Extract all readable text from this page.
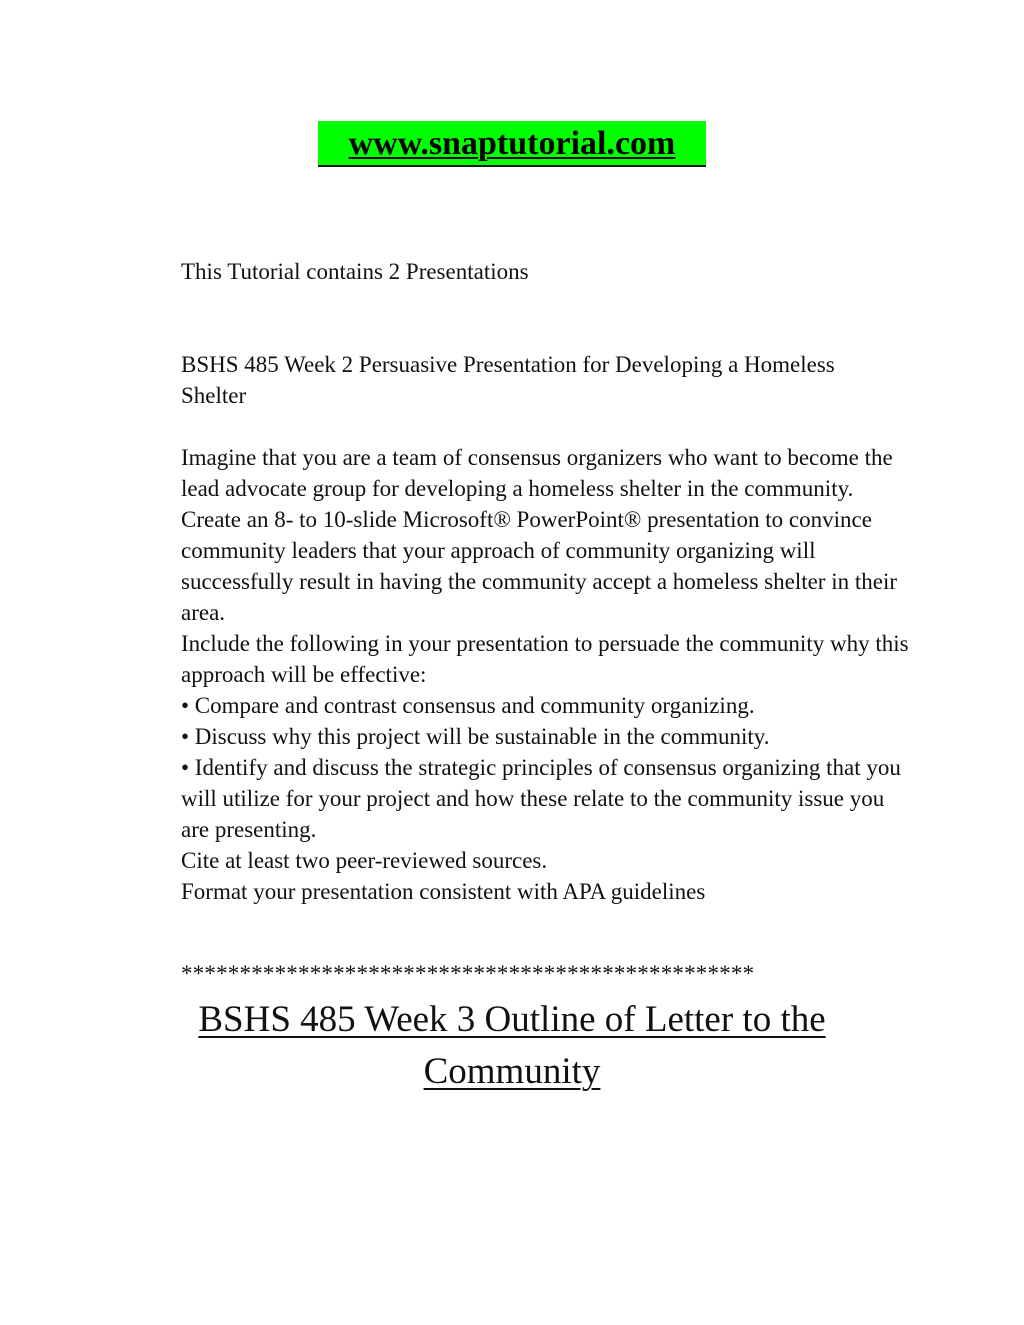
www.snaptutorial.com
This Tutorial contains 2 Presentations
BSHS 485 Week 2 Persuasive Presentation for Developing a Homeless Shelter

Imagine that you are a team of consensus organizers who want to become the lead advocate group for developing a homeless shelter in the community.

Create an 8- to 10-slide Microsoft® PowerPoint® presentation to convince community leaders that your approach of community organizing will successfully result in having the community accept a homeless shelter in their area.

Include the following in your presentation to persuade the community why this approach will be effective:

• Compare and contrast consensus and community organizing.

• Discuss why this project will be sustainable in the community.

• Identify and discuss the strategic principles of consensus organizing that you will utilize for your project and how these relate to the community issue you are presenting.

Cite at least two peer-reviewed sources.

Format your presentation consistent with APA guidelines

*************************************************
BSHS 485 Week 3 Outline of Letter to the Community
